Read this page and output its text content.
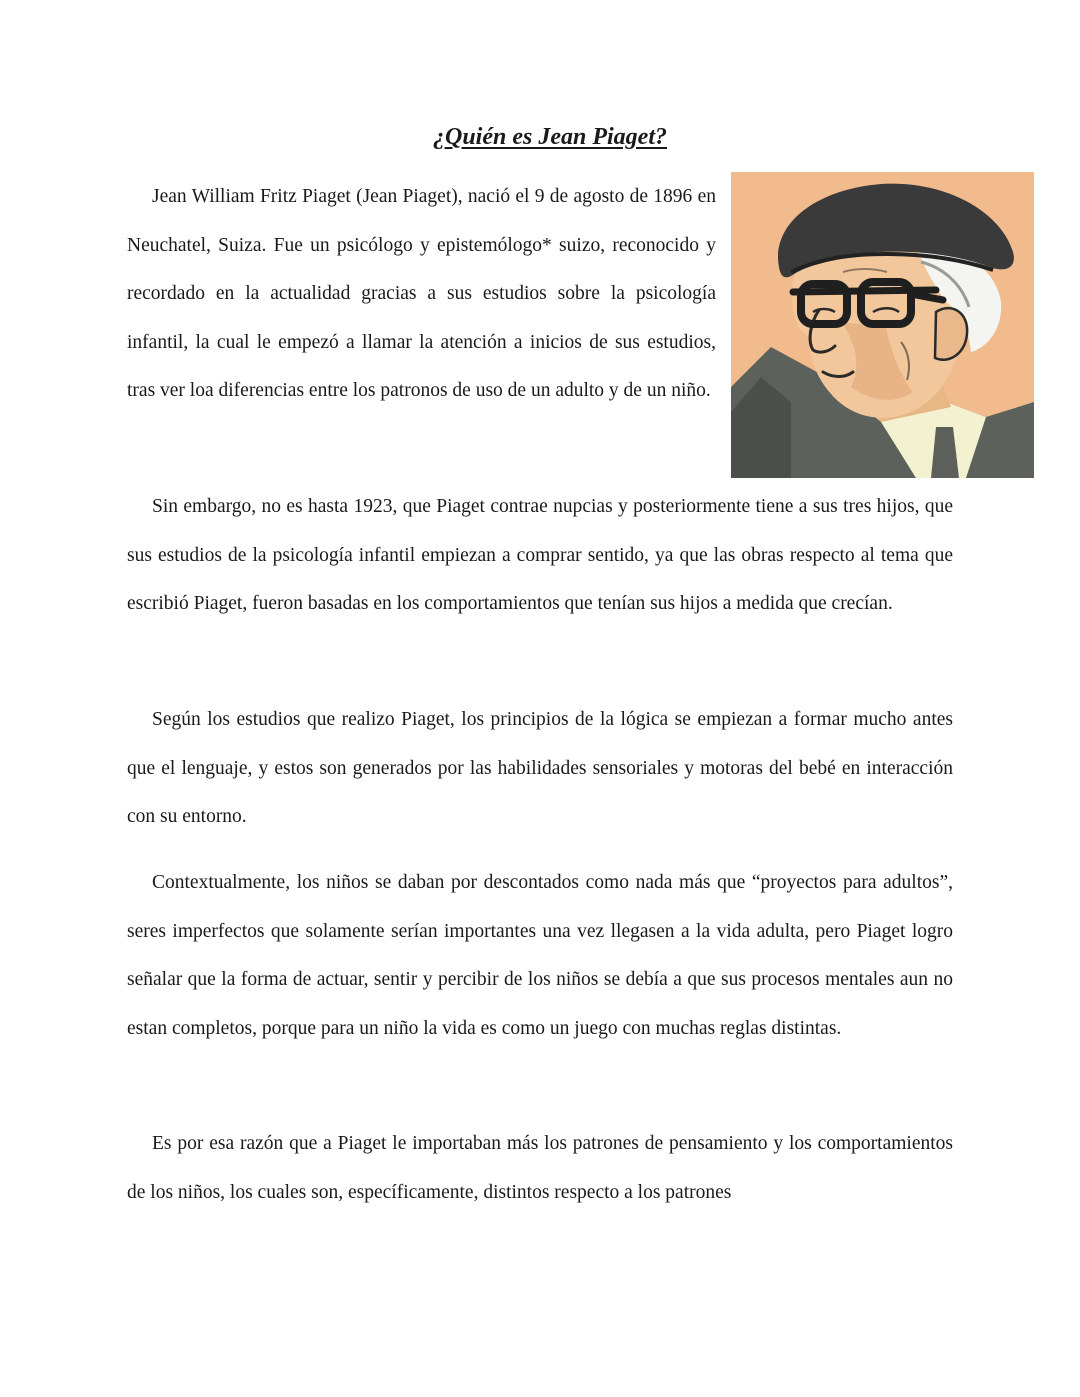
¿Quién es Jean Piaget?

Jean William Fritz Piaget (Jean Piaget), nació el 9 de agosto de 1896 en Neuchatel, Suiza. Fue un psicólogo y epistemólogo* suizo, reconocido y recordado en la actualidad gracias a sus estudios sobre la psicología infantil, la cual le empezó a llamar la atención a inicios de sus estudios, tras ver loa diferencias entre los patronos de uso de un adulto y de un niño.

Sin embargo, no es hasta 1923, que Piaget contrae nupcias y posteriormente tiene a sus tres hijos, que sus estudios de la psicología infantil empiezan a comprar sentido, ya que las obras respecto al tema que escribió Piaget, fueron basadas en los comportamientos que tenían sus hijos a medida que crecían.

Según los estudios que realizo Piaget, los principios de la lógica se empiezan a formar mucho antes que el lenguaje, y estos son generados por las habilidades sensoriales y motoras del bebé en interacción con su entorno.

Contextualmente, los niños se daban por descontados como nada más que “proyectos para adultos”, seres imperfectos que solamente serían importantes una vez llegasen a la vida adulta, pero Piaget logro señalar que la forma de actuar, sentir y percibir de los niños se debía a que sus procesos mentales aun no estan completos, porque para un niño la vida es como un juego con muchas reglas distintas.

Es por esa razón que a Piaget le importaban más los patrones de pensamiento y los comportamientos de los niños, los cuales son, específicamente, distintos respecto a los patrones
